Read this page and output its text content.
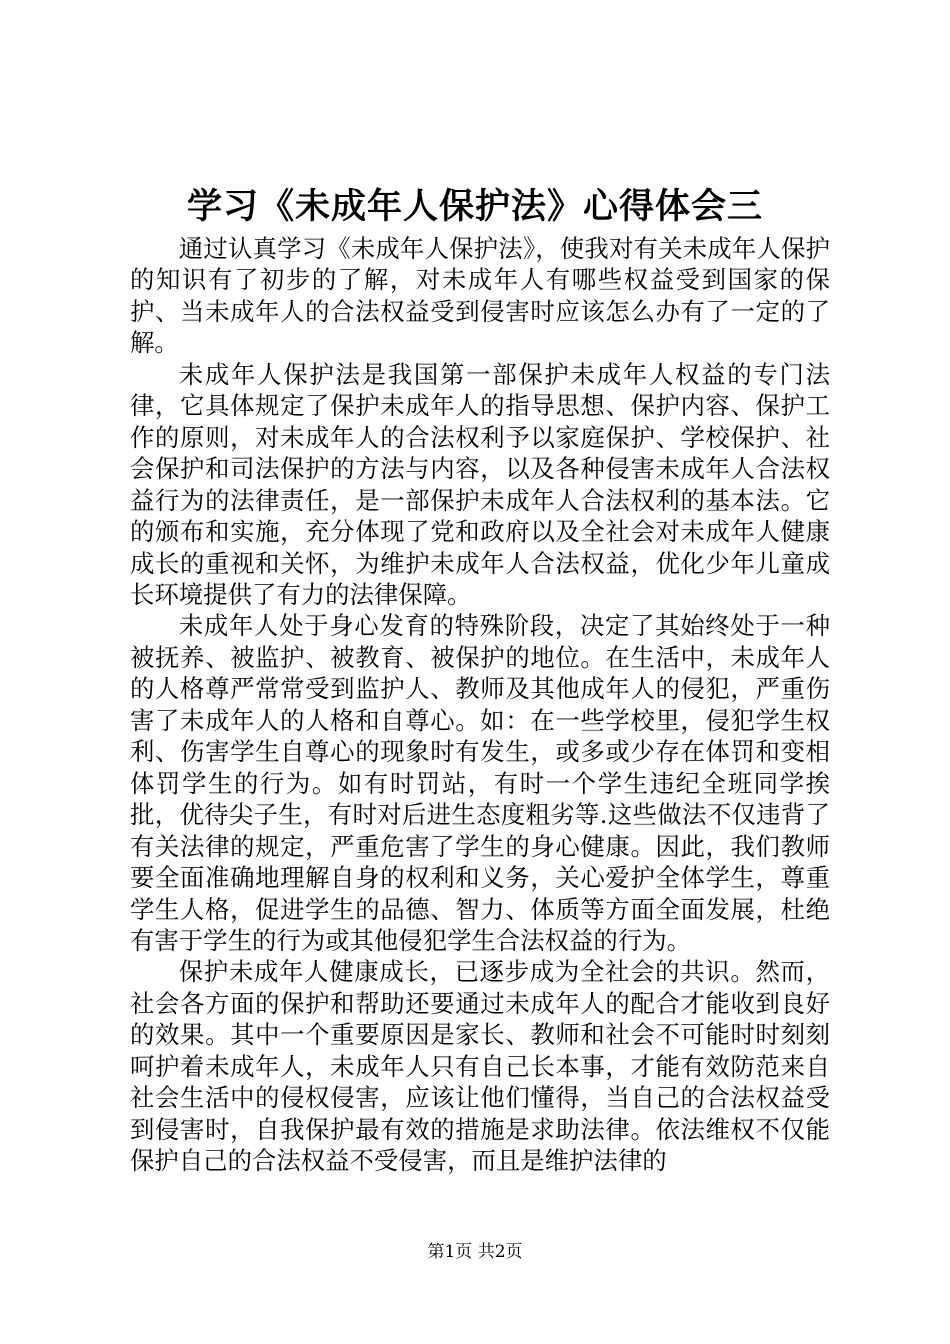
学习《未成年人保护法》心得体会三

通过认真学习《未成年人保护法》，使我对有关未成年人保护的知识有了初步的了解，对未成年人有哪些权益受到国家的保护、当未成年人的合法权益受到侵害时应该怎么办有了一定的了解。

未成年人保护法是我国第一部保护未成年人权益的专门法律，它具体规定了保护未成年人的指导思想、保护内容、保护工作的原则，对未成年人的合法权利予以家庭保护、学校保护、社会保护和司法保护的方法与内容，以及各种侵害未成年人合法权益行为的法律责任，是一部保护未成年人合法权利的基本法。它的颁布和实施，充分体现了党和政府以及全社会对未成年人健康成长的重视和关怀，为维护未成年人合法权益，优化少年儿童成长环境提供了有力的法律保障。

未成年人处于身心发育的特殊阶段，决定了其始终处于一种被抚养、被监护、被教育、被保护的地位。在生活中，未成年人的人格尊严常常受到监护人、教师及其他成年人的侵犯，严重伤害了未成年人的人格和自尊心。如：在一些学校里，侵犯学生权利、伤害学生自尊心的现象时有发生，或多或少存在体罚和变相体罚学生的行为。如有时罚站，有时一个学生违纪全班同学挨批，优待尖子生，有时对后进生态度粗劣等.这些做法不仅违背了有关法律的规定，严重危害了学生的身心健康。因此，我们教师要全面准确地理解自身的权利和义务，关心爱护全体学生，尊重学生人格，促进学生的品德、智力、体质等方面全面发展，杜绝有害于学生的行为或其他侵犯学生合法权益的行为。

保护未成年人健康成长，已逐步成为全社会的共识。然而，社会各方面的保护和帮助还要通过未成年人的配合才能收到良好的效果。其中一个重要原因是家长、教师和社会不可能时时刻刻呵护着未成年人，未成年人只有自己长本事，才能有效防范来自社会生活中的侵权侵害，应该让他们懂得，当自己的合法权益受到侵害时，自我保护最有效的措施是求助法律。依法维权不仅能保护自己的合法权益不受侵害，而且是维护法律的

第1页 共2页
